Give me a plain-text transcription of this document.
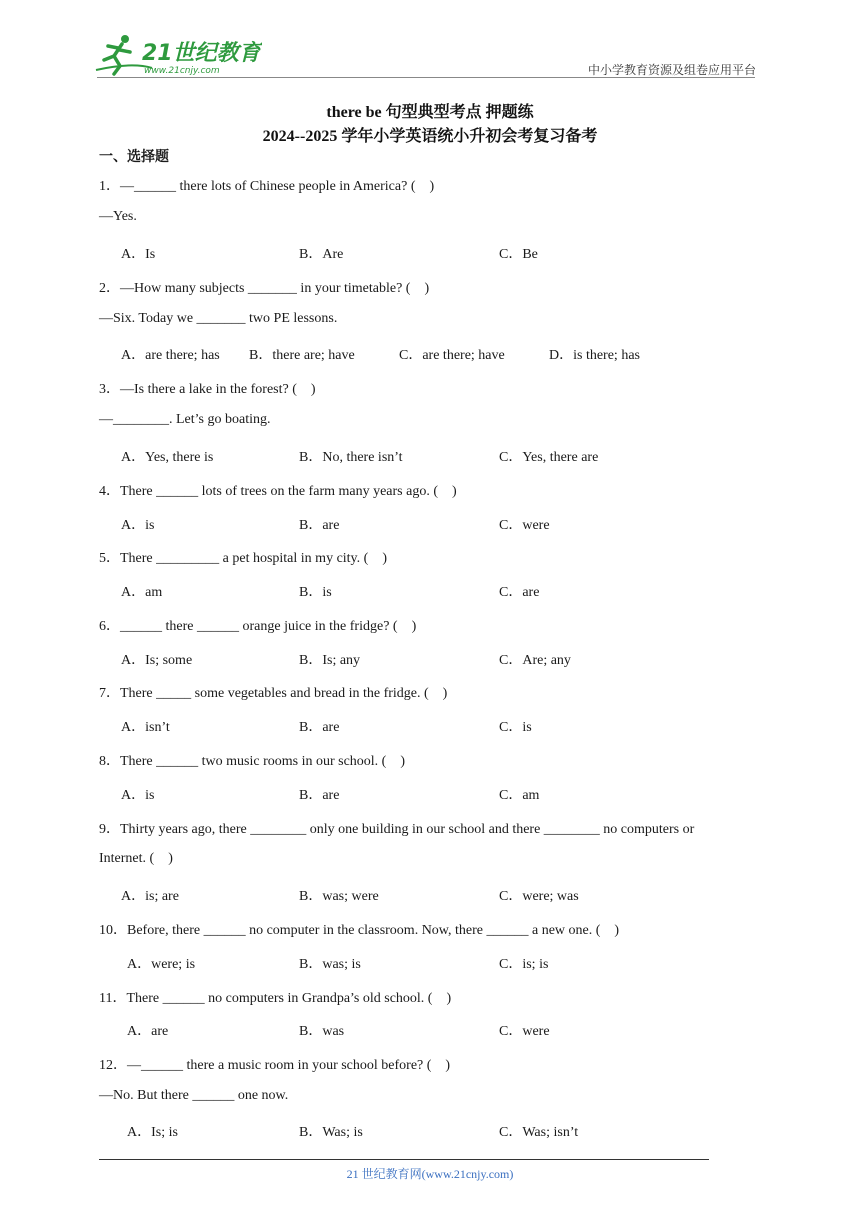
21世纪教育
www.21cnjy.com	中小学教育资源及组卷应用平台
there be 句型典型考点 押题练
2024--2025 学年小学英语统小升初会考复习备考
一、选择题
1．—______ there lots of Chinese people in America? (    )
—Yes.
A．Is	B．Are	C．Be
2．—How many subjects _______ in your timetable? (    )
—Six. Today we _______ two PE lessons.
A．are there; has B．there are; have	C．are there; have	D．is there; has
3．—Is there a lake in the forest? (    )
—________. Let’s go boating.
A．Yes, there is	B．No, there isn’t	C．Yes, there are
4．There ______ lots of trees on the farm many years ago. (    )
A．is	B．are	C．were
5．There _________ a pet hospital in my city. (    )
A．am	B．is	C．are
6．______ there ______ orange juice in the fridge? (    )
A．Is; some	B．Is; any	C．Are; any
7．There _____ some vegetables and bread in the fridge. (    )
A．isn’t	B．are	C．is
8．There ______ two music rooms in our school. (    )
A．is	B．are	C．am
9．Thirty years ago, there ________ only one building in our school and there ________ no computers or
Internet. (    )
A．is; are	B．was; were	C．were; was
10．Before, there ______ no computer in the classroom. Now, there ______ a new one. (    )
A．were; is	B．was; is	C．is; is
11．There ______ no computers in Grandpa’s old school. (    )
A．are	B．was	C．were
12．—______ there a music room in your school before? (    )
—No. But there ______ one now.
A．Is; is	B．Was; is	C．Was; isn’t
21 世纪教育网(www.21cnjy.com)
